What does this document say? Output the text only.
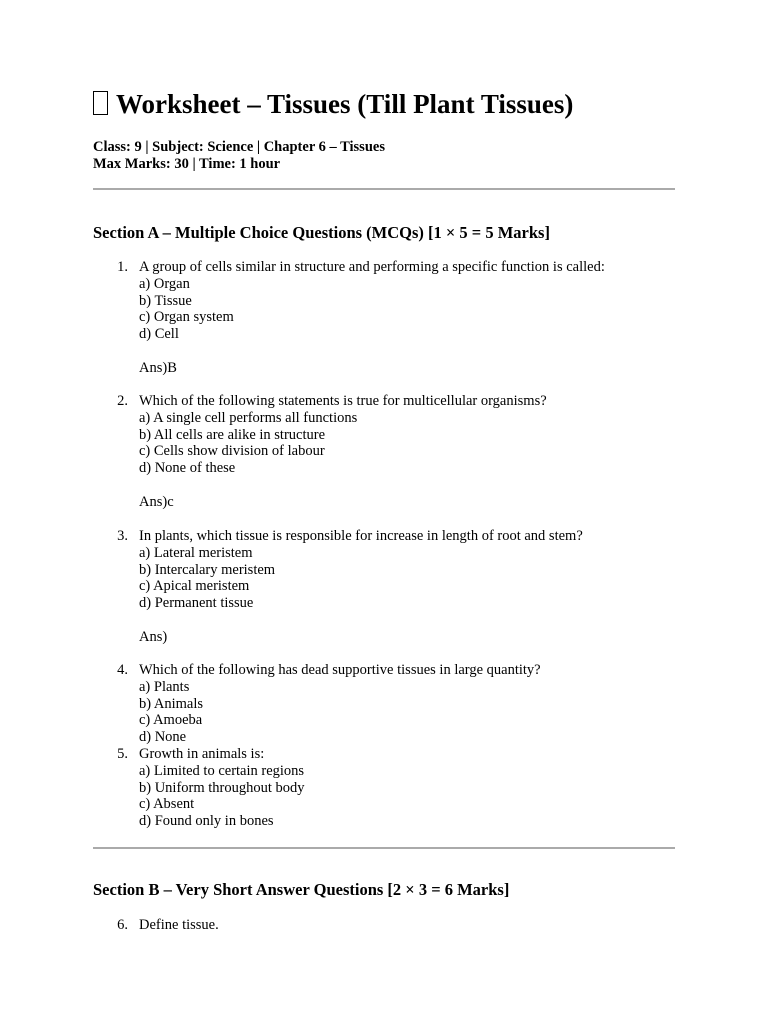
Worksheet – Tissues (Till Plant Tissues)
Class: 9 | Subject: Science | Chapter 6 – Tissues
Max Marks: 30 | Time: 1 hour
Section A – Multiple Choice Questions (MCQs) [1 × 5 = 5 Marks]
1. A group of cells similar in structure and performing a specific function is called:
a) Organ
b) Tissue
c) Organ system
d) Cell
Ans)B
2. Which of the following statements is true for multicellular organisms?
a) A single cell performs all functions
b) All cells are alike in structure
c) Cells show division of labour
d) None of these
Ans)c
3. In plants, which tissue is responsible for increase in length of root and stem?
a) Lateral meristem
b) Intercalary meristem
c) Apical meristem
d) Permanent tissue
Ans)
4. Which of the following has dead supportive tissues in large quantity?
a) Plants
b) Animals
c) Amoeba
d) None
5. Growth in animals is:
a) Limited to certain regions
b) Uniform throughout body
c) Absent
d) Found only in bones
Section B – Very Short Answer Questions [2 × 3 = 6 Marks]
6. Define tissue.
